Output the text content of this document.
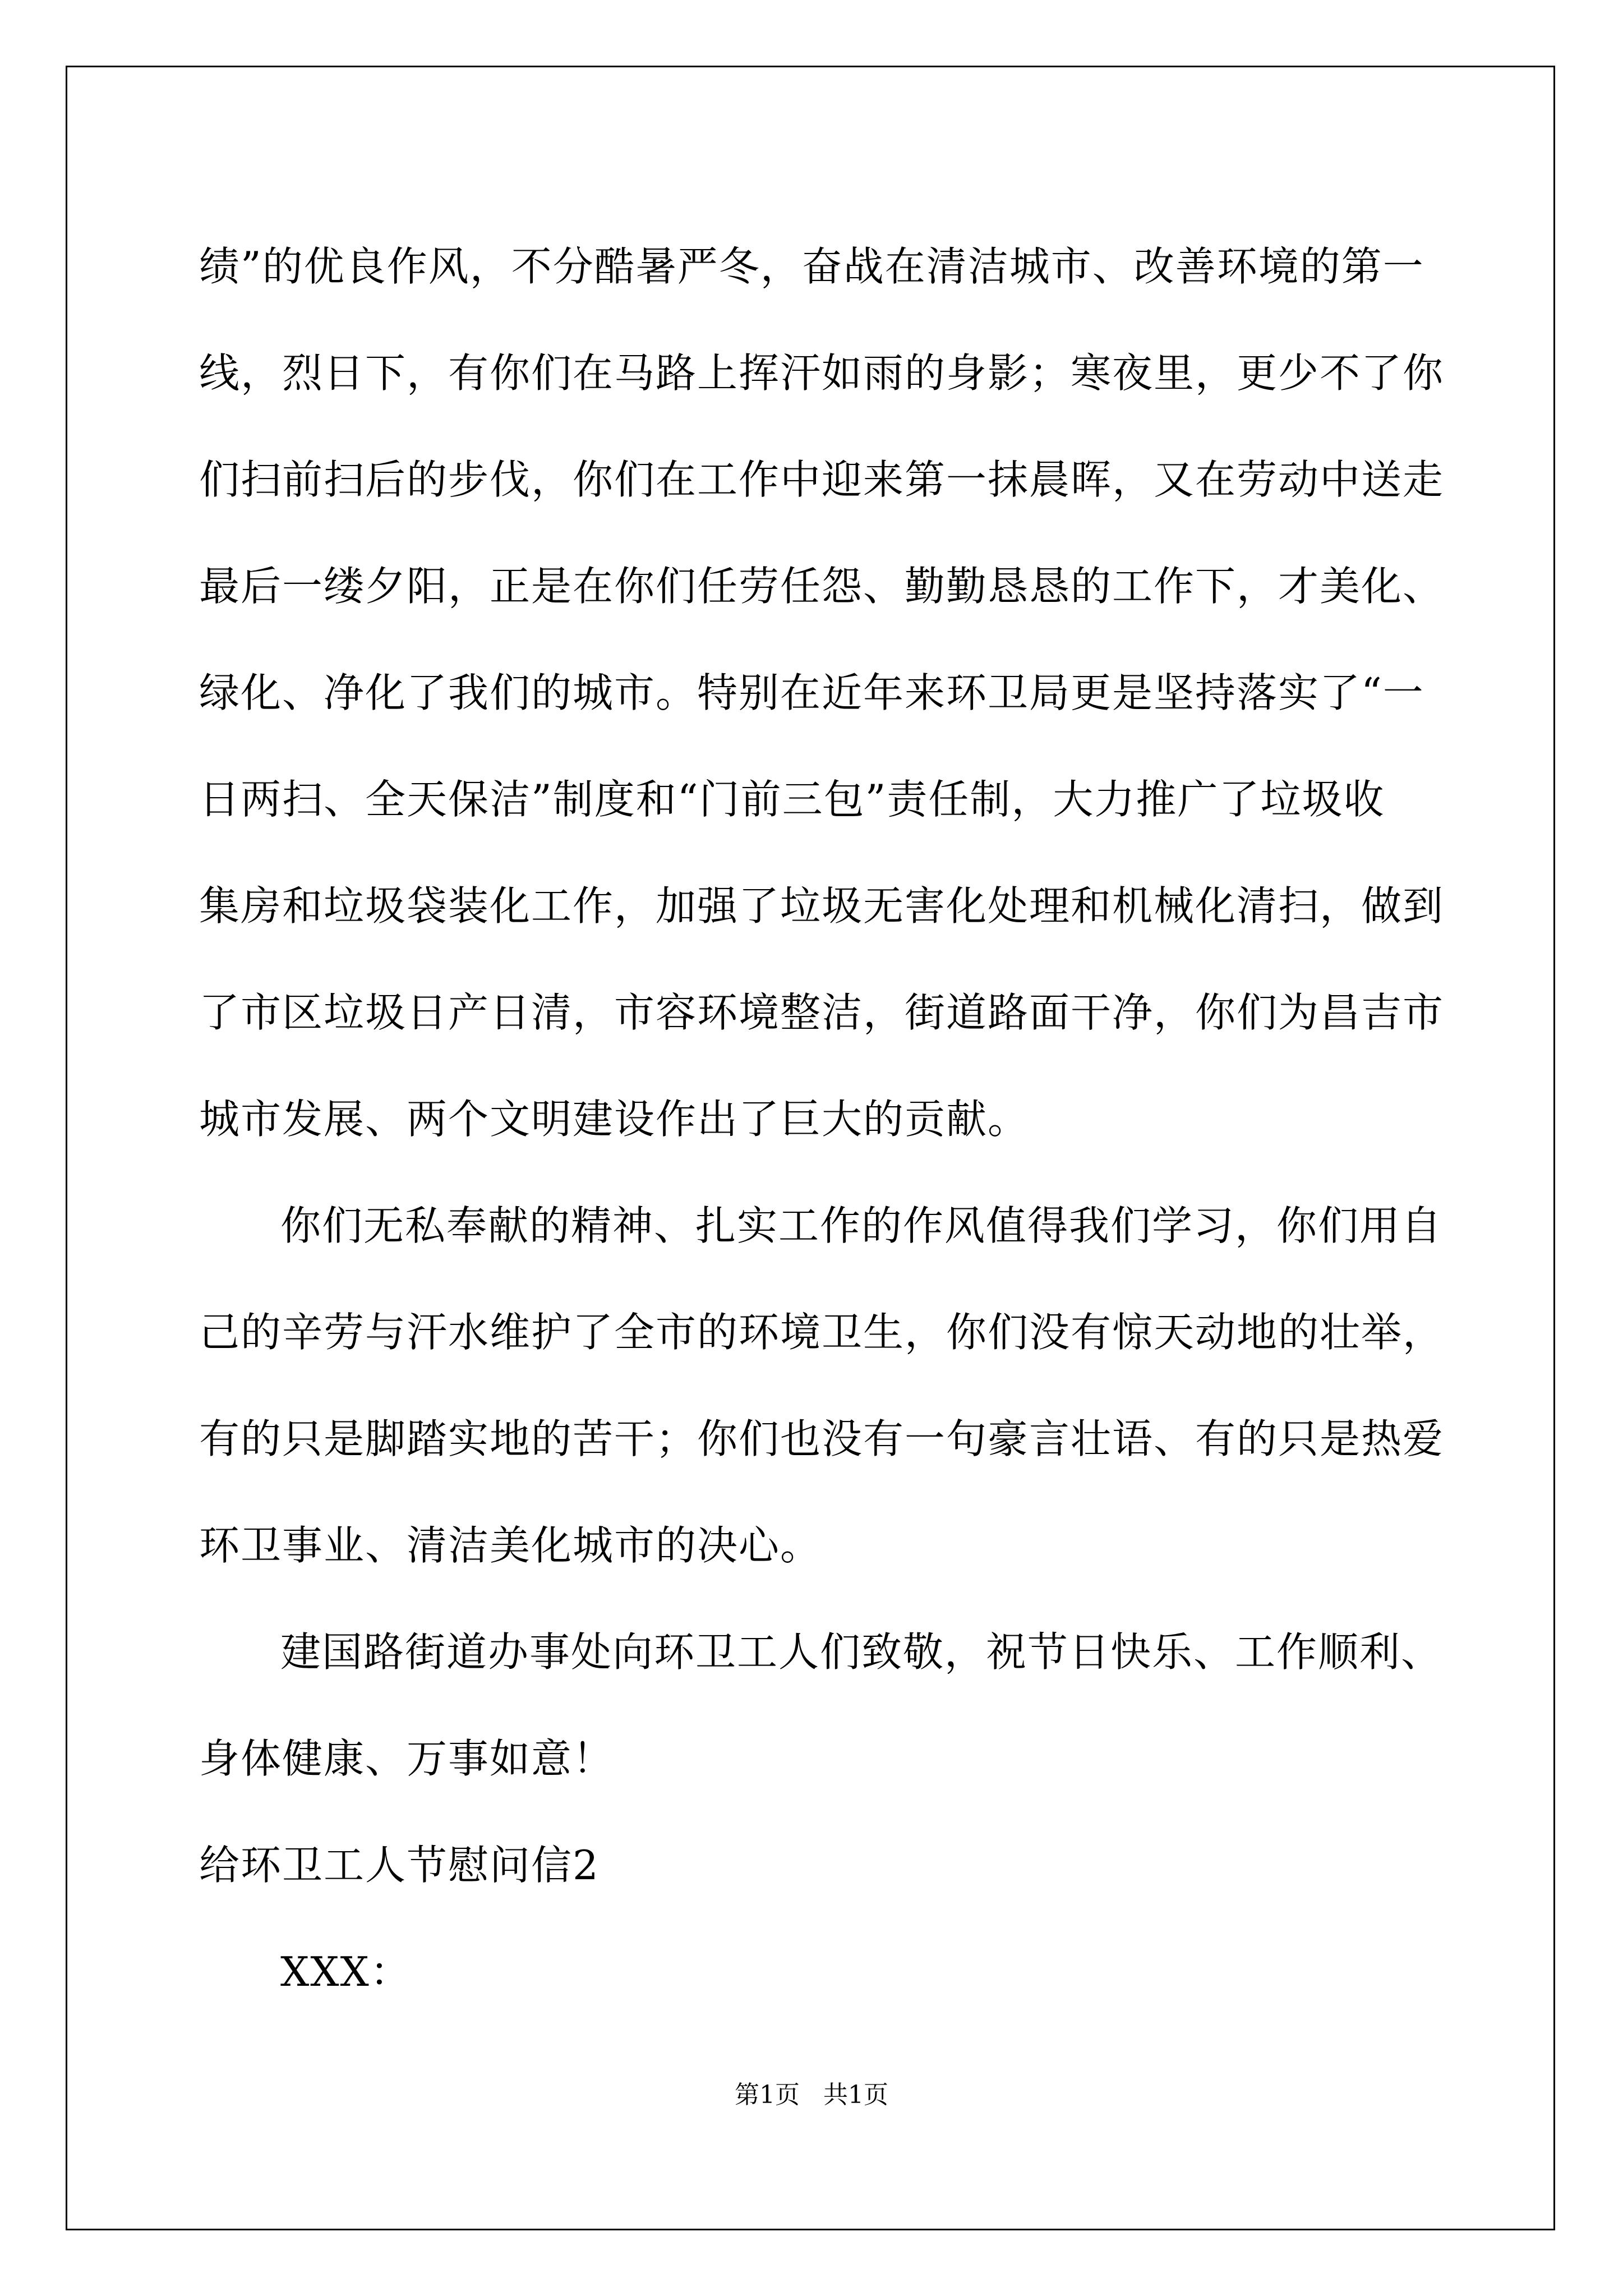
绩”的优良作风，不分酷暑严冬，奋战在清洁城市、改善环境的第一
线，烈日下，有你们在马路上挥汗如雨的身影；寒夜里，更少不了你
们扫前扫后的步伐，你们在工作中迎来第一抹晨晖，又在劳动中送走
最后一缕夕阳，正是在你们任劳任怨、勤勤恳恳的工作下，才美化、
绿化、净化了我们的城市。特别在近年来环卫局更是坚持落实了“一
日两扫、全天保洁”制度和“门前三包”责任制，大力推广了垃圾收
集房和垃圾袋装化工作，加强了垃圾无害化处理和机械化清扫，做到
了市区垃圾日产日清，市容环境整洁，街道路面干净，你们为昌吉市
城市发展、两个文明建设作出了巨大的贡献。
你们无私奉献的精神、扎实工作的作风值得我们学习，你们用自
己的辛劳与汗水维护了全市的环境卫生，你们没有惊天动地的壮举，
有的只是脚踏实地的苦干；你们也没有一句豪言壮语、有的只是热爱
环卫事业、清洁美化城市的决心。
建国路街道办事处向环卫工人们致敬，祝节日快乐、工作顺利、
身体健康、万事如意！
给环卫工人节慰问信2
XXX：
第1页   共1页
